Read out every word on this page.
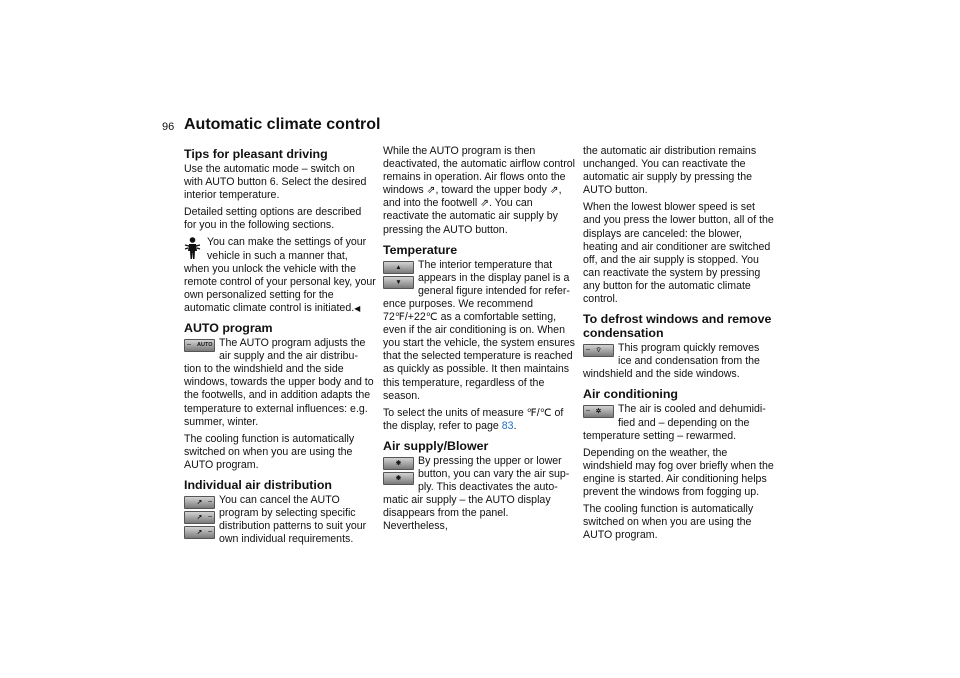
96 Automatic climate control
Tips for pleasant driving

Use the automatic mode – switch on with AUTO button 6. Select the desired interior temperature.

Detailed setting options are described for you in the following sections.

You can make the settings of your
vehicle in such a manner that,

when you unlock the vehicle with the remote control of your personal key, your own personalized setting for the automatic climate control is initiated.◀

AUTO program
– AUTO The AUTO program adjusts the
air supply and the air distribu-

tion to the windshield and the side windows, towards the upper body and to the footwells, and in addition adapts the temperature to external influences: e.g. summer, winter.

The cooling function is automatically switched on when you are using the AUTO program.

Individual air distribution
↗ –
↗ –
↗ –

You can cancel the AUTO program by selecting specific distribution patterns to suit your own individual requirements.

While the AUTO program is then deactivated, the automatic airflow control remains in operation. Air flows onto the windows ⇗, toward the upper body ⇗, and into the footwell ⇗. You can reactivate the automatic air supply by pressing the AUTO button.

Temperature
▲
▼
The interior temperature that
appears in the display panel is a
general figure intended for refer-

ence purposes. We recommend 72℉/+22℃ as a comfortable setting, even if the air conditioning is on. When you start the vehicle, the system ensures that the selected temperature is reached as quickly as possible. It then maintains this temperature, regardless of the season.

To select the units of measure ℉/℃ of the display, refer to page 83.

Air supply/Blower
❋
❋
By pressing the upper or lower
button, you can vary the air sup-
ply. This deactivates the auto-

matic air supply – the AUTO display disappears from the panel. Nevertheless,

the automatic air distribution remains unchanged. You can reactivate the automatic air supply by pressing the AUTO button.

When the lowest blower speed is set and you press the lower button, all of the displays are canceled: the blower, heating and air conditioner are switched off, and the air supply is stopped. You can reactivate the system by pressing any button for the automatic climate control.

To defrost windows and remove condensation
– ⌔	This program quickly removes
ice and condensation from the

windshield and the side windows.

Air conditioning
– ✲	The air is cooled and dehumidi-
fied and – depending on the

temperature setting – rewarmed.

Depending on the weather, the windshield may fog over briefly when the engine is started. Air conditioning helps prevent the windows from fogging up.

The cooling function is automatically switched on when you are using the AUTO program.
